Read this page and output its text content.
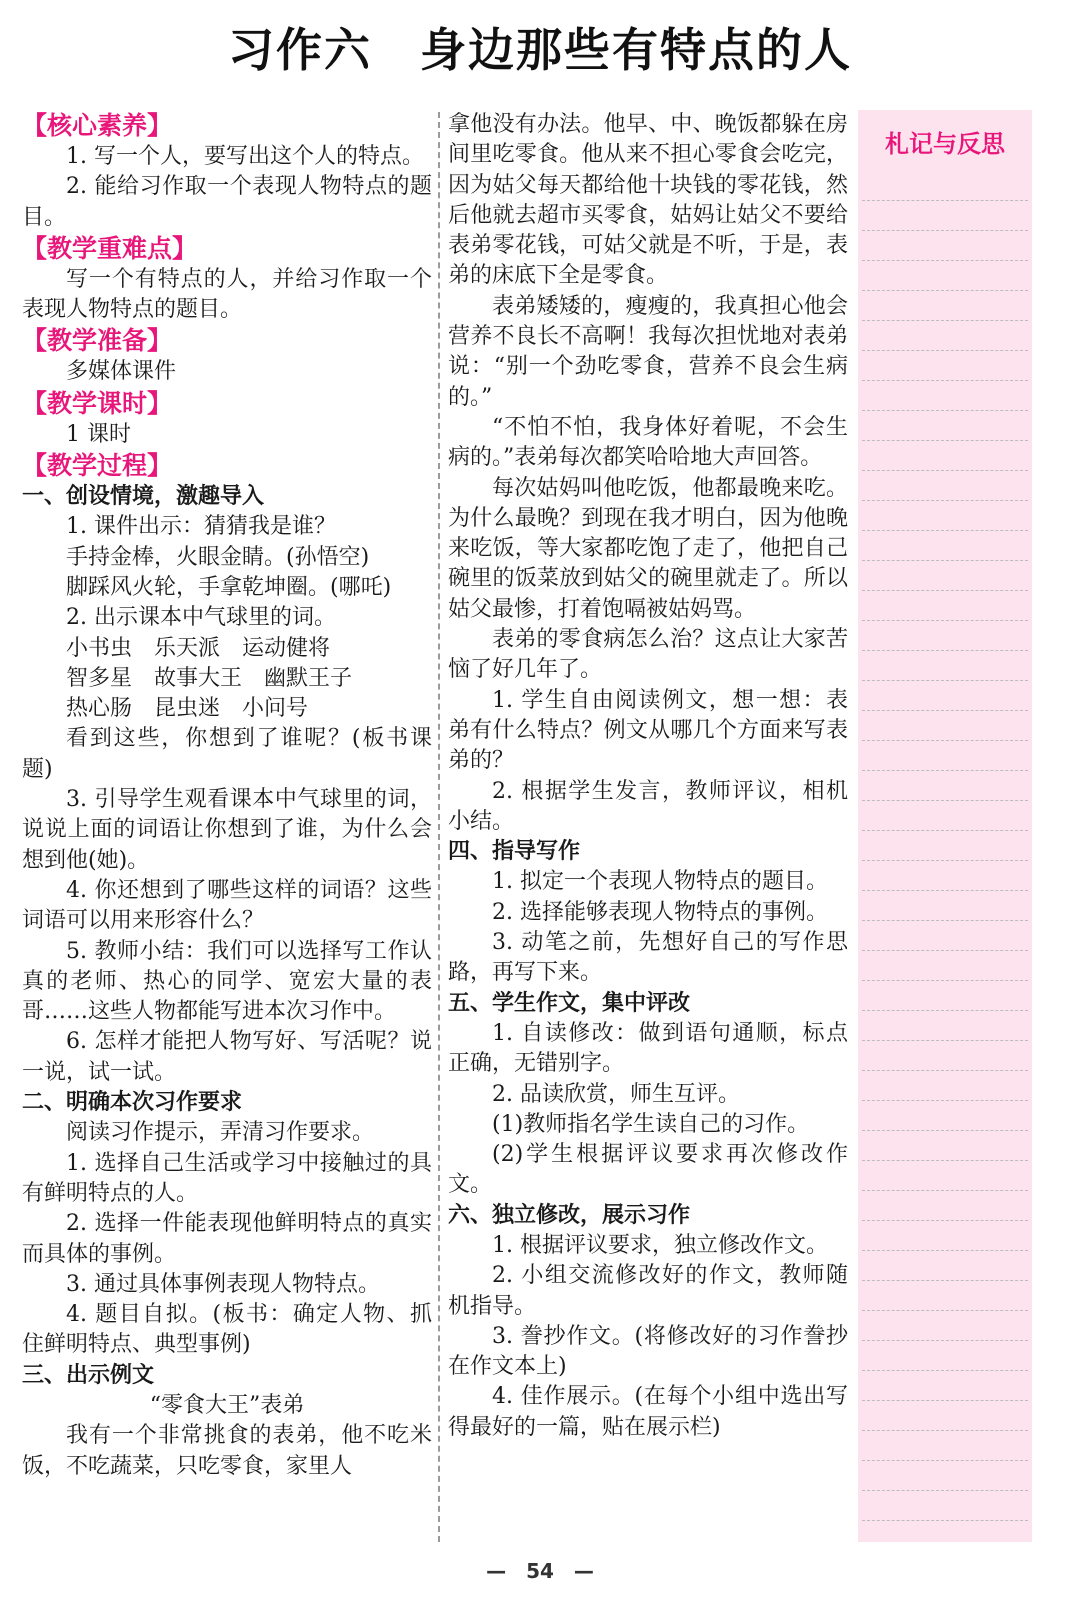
习作六　身边那些有特点的人

【核心素养】

1. 写一个人，要写出这个人的特点。

2. 能给习作取一个表现人物特点的题目。

【教学重难点】

写一个有特点的人，并给习作取一个表现人物特点的题目。

【教学准备】

多媒体课件

【教学课时】

1 课时

【教学过程】

一、创设情境，激趣导入

1. 课件出示：猜猜我是谁？

手持金棒，火眼金睛。(孙悟空)

脚踩风火轮，手拿乾坤圈。(哪吒)

2. 出示课本中气球里的词。

小书虫　乐天派　运动健将

智多星　故事大王　幽默王子

热心肠　昆虫迷　小问号

看到这些，你想到了谁呢？(板书课题)

3. 引导学生观看课本中气球里的词，说说上面的词语让你想到了谁，为什么会想到他(她)。

4. 你还想到了哪些这样的词语？这些词语可以用来形容什么？

5. 教师小结：我们可以选择写工作认真的老师、热心的同学、宽宏大量的表哥……这些人物都能写进本次习作中。

6. 怎样才能把人物写好、写活呢？说一说，试一试。

二、明确本次习作要求

阅读习作提示，弄清习作要求。

1. 选择自己生活或学习中接触过的具有鲜明特点的人。

2. 选择一件能表现他鲜明特点的真实而具体的事例。

3. 通过具体事例表现人物特点。

4. 题目自拟。(板书：确定人物、抓住鲜明特点、典型事例)

三、出示例文

“零食大王”表弟

我有一个非常挑食的表弟，他不吃米饭，不吃蔬菜，只吃零食，家里人

拿他没有办法。他早、中、晚饭都躲在房间里吃零食。他从来不担心零食会吃完，因为姑父每天都给他十块钱的零花钱，然后他就去超市买零食，姑妈让姑父不要给表弟零花钱，可姑父就是不听，于是，表弟的床底下全是零食。

表弟矮矮的，瘦瘦的，我真担心他会营养不良长不高啊！我每次担忧地对表弟说：“别一个劲吃零食，营养不良会生病的。”

“不怕不怕，我身体好着呢，不会生病的。”表弟每次都笑哈哈地大声回答。

每次姑妈叫他吃饭，他都最晚来吃。为什么最晚？到现在我才明白，因为他晚来吃饭，等大家都吃饱了走了，他把自己碗里的饭菜放到姑父的碗里就走了。所以姑父最惨，打着饱嗝被姑妈骂。

表弟的零食病怎么治？这点让大家苦恼了好几年了。

1. 学生自由阅读例文，想一想：表弟有什么特点？例文从哪几个方面来写表弟的？

2. 根据学生发言，教师评议，相机小结。

四、指导写作

1. 拟定一个表现人物特点的题目。

2. 选择能够表现人物特点的事例。

3. 动笔之前，先想好自己的写作思路，再写下来。

五、学生作文，集中评改

1. 自读修改：做到语句通顺，标点正确，无错别字。

2. 品读欣赏，师生互评。

(1)教师指名学生读自己的习作。

(2)学生根据评议要求再次修改作文。

六、独立修改，展示习作

1. 根据评议要求，独立修改作文。

2. 小组交流修改好的作文，教师随机指导。

3. 誊抄作文。(将修改好的习作誊抄在作文本上)

4. 佳作展示。(在每个小组中选出写得最好的一篇，贴在展示栏)

札记与反思
—　54　—
